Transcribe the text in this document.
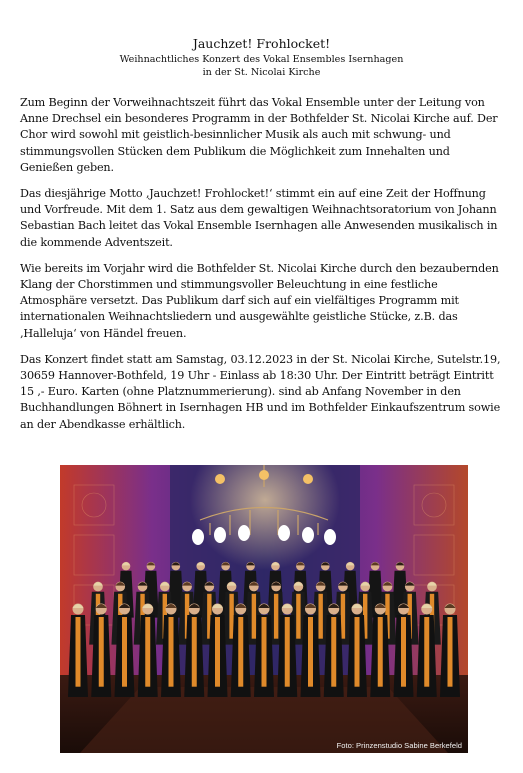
Jauchzet! Frohlocket!
Weihnachtliches Konzert des Vokal Ensembles Isernhagen
in der St. Nicolai Kirche

Zum Beginn der Vorweihnachtszeit führt das Vokal Ensemble unter der Leitung von Anne Drechsel ein besonderes Programm in der Bothfelder St. Nicolai Kirche auf. Der Chor wird sowohl mit geistlich-besinnlicher Musik als auch mit schwung- und stimmungsvollen Stücken dem Publikum die Möglichkeit zum Innehalten und Genießen geben.

Das diesjährige Motto ‚Jauchzet! Frohlocket!‘ stimmt ein auf eine Zeit der Hoffnung und Vorfreude. Mit dem 1. Satz aus dem gewaltigen Weihnachtsoratorium von Johann Sebastian Bach leitet das Vokal Ensemble Isernhagen alle Anwesenden musikalisch in die kommende Adventszeit.

Wie bereits im Vorjahr wird die Bothfelder St. Nicolai Kirche durch den bezaubernden Klang der Chorstimmen und stimmungsvoller Beleuchtung in eine festliche Atmosphäre versetzt. Das Publikum darf sich auf ein vielfältiges Programm mit internationalen Weihnachtsliedern und ausgewählte geistliche Stücke, z.B. das ‚Halleluja‘ von Händel freuen.

Das Konzert findet statt am Samstag, 03.12.2023 in der St. Nicolai Kirche, Sutelstr.19, 30659 Hannover-Bothfeld, 19 Uhr - Einlass ab 18:30 Uhr. Der Eintritt beträgt Eintritt 15 ,- Euro. Karten (ohne Platznummerierung). sind ab Anfang November in den Buchhandlungen Böhnert in Isernhagen HB und im Bothfelder Einkaufszentrum sowie an der Abendkasse erhältlich.

Foto: Prinzenstudio Sabine Berkefeld
